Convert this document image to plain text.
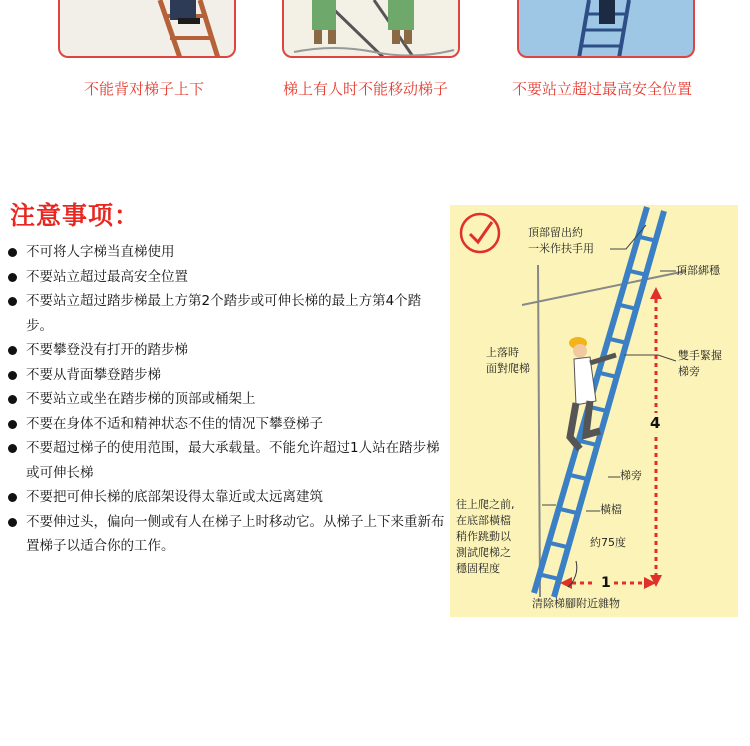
不能背对梯子上下	梯上有人时不能移动梯子	不要站立超过最高安全位置
注意事项：
不可将人字梯当直梯使用
不要站立超过最高安全位置
不要站立超过踏步梯最上方第2个踏步或可伸长梯的最上方第4个踏步。
不要攀登没有打开的踏步梯
不要从背面攀登踏步梯
不要站立或坐在踏步梯的顶部或桶架上
不要在身体不适和精神状态不佳的情况下攀登梯子
不要超过梯子的使用范围，最大承载量。不能允许超过1人站在踏步梯或可伸长梯
不要把可伸长梯的底部架设得太靠近或太远离建筑
不要伸过头，偏向一侧或有人在梯子上时移动它。从梯子上下来重新布置梯子以适合你的工作。
頂部留出約
一米作扶手用
頂部綁穩
上落時
面對爬梯
雙手緊握
梯旁
4
梯旁
橫檔
往上爬之前,
在底部橫檔
稍作跳動以
測試爬梯之
穩固程度
約75度
1
清除梯腳附近雜物
